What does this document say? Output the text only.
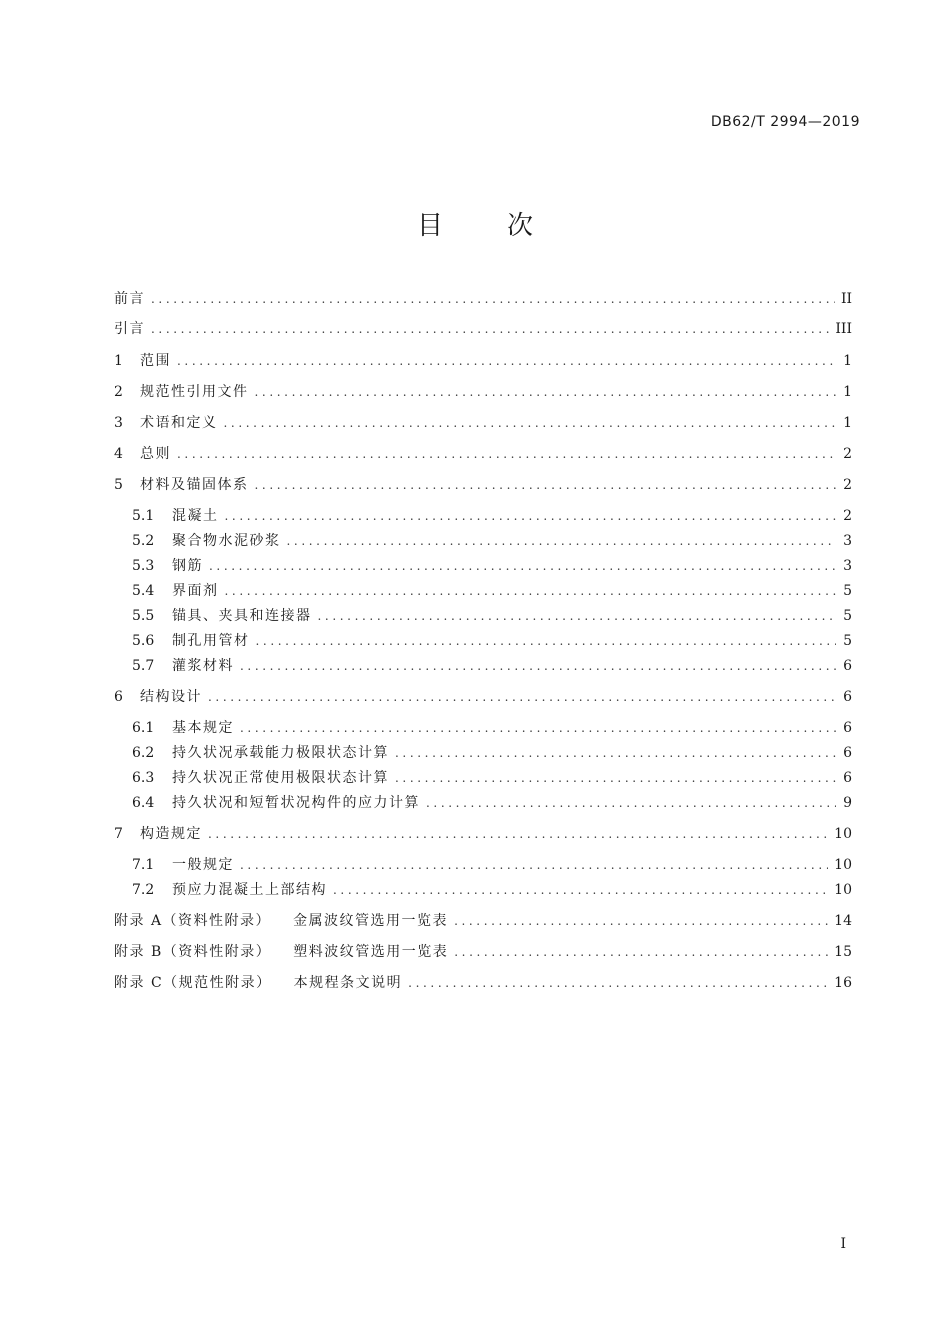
DB62/T 2994—2019
目 次
前言 .....	II
引言 .....	III
1	范围 .....	1
2	规范性引用文件 .....	1
3	术语和定义 .....	1
4	总则 .....	2
5	材料及锚固体系 .....	2
5.1	混凝土 .....	2
5.2	聚合物水泥砂浆 .....	3
5.3	钢筋 .....	3
5.4	界面剂 .....	5
5.5	锚具、夹具和连接器 .....	5
5.6	制孔用管材 .....	5
5.7	灌浆材料 .....	6
6	结构设计 .....	6
6.1	基本规定 .....	6
6.2	持久状况承载能力极限状态计算 .....	6
6.3	持久状况正常使用极限状态计算 .....	6
6.4	持久状况和短暂状况构件的应力计算 .....	9
7	构造规定 .....	10
7.1	一般规定 .....	10
7.2	预应力混凝土上部结构 .....	10
附录 A（资料性附录） 金属波纹管选用一览表 .....	14
附录 B（资料性附录） 塑料波纹管选用一览表 .....	15
附录 C（规范性附录） 本规程条文说明 .....	16
I
